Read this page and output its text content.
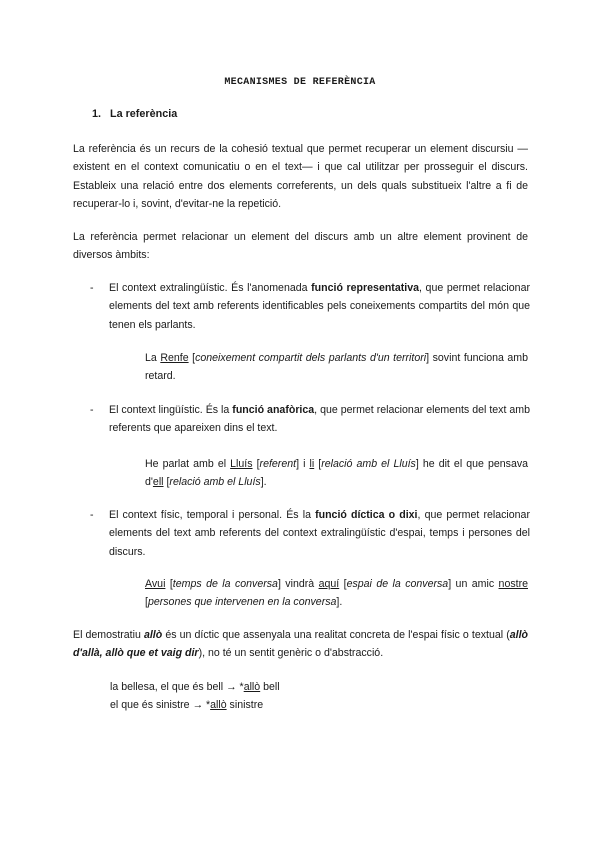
MECANISMES DE REFERÈNCIA
1. La referència

La referència és un recurs de la cohesió textual que permet recuperar un element discursiu —existent en el context comunicatiu o en el text— i que cal utilitzar per prosseguir el discurs. Estableix una relació entre dos elements correferents, un dels quals substitueix l'altre a fi de recuperar-lo i, sovint, d'evitar-ne la repetició.

La referència permet relacionar un element del discurs amb un altre element provinent de diversos àmbits:

- El context extralingüístic. És l'anomenada funció representativa, que permet relacionar elements del text amb referents identificables pels coneixements compartits del món que tenen els parlants.
La Renfe [coneixement compartit dels parlants d'un territori] sovint funciona amb retard.
- El context lingüístic. És la funció anafòrica, que permet relacionar elements del text amb referents que apareixen dins el text.
He parlat amb el Lluís [referent] i li [relació amb el Lluís] he dit el que pensava d'ell [relació amb el Lluís].
- El context físic, temporal i personal. És la funció díctica o dixi, que permet relacionar elements del text amb referents del context extralingüístic d'espai, temps i persones del discurs.
Avui [temps de la conversa] vindrà aquí [espai de la conversa] un amic nostre [persones que intervenen en la conversa].
El demostratiu allò és un díctic que assenyala una realitat concreta de l'espai físic o textual (allò d'allà, allò que et vaig dir), no té un sentit genèric o d'abstracció.
la bellesa, el que és bell → *allò bell
el que és sinistre → *allò sinistre
